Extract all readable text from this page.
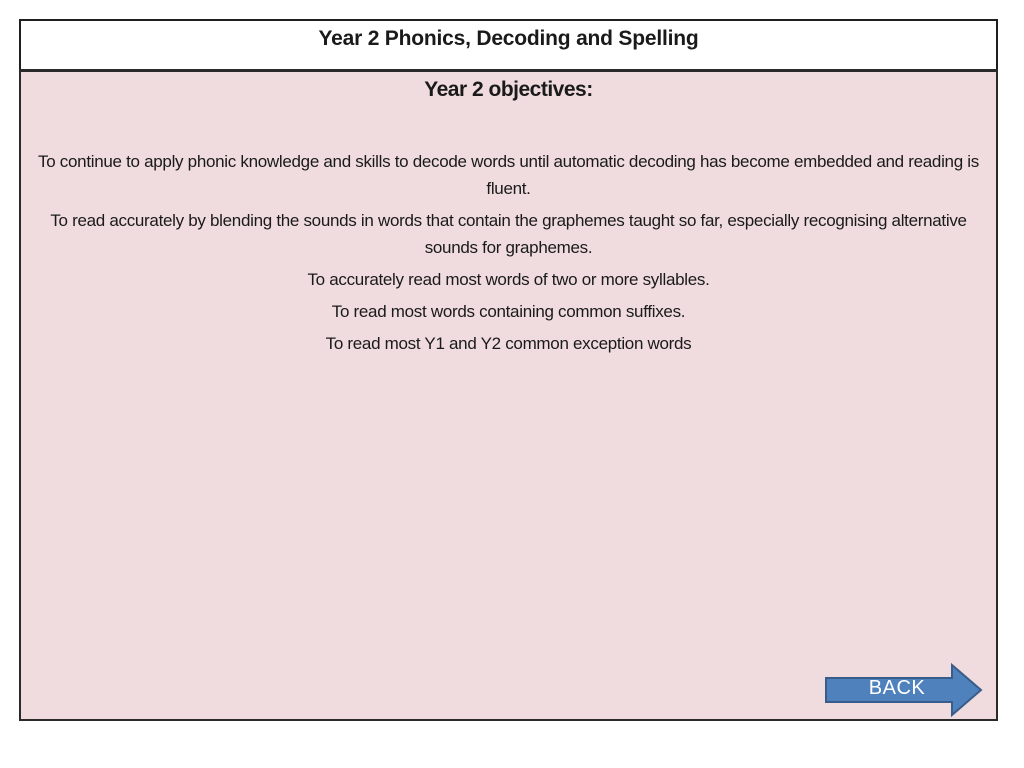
Year 2 Phonics, Decoding and Spelling
Year 2 objectives:
To continue to apply phonic knowledge and skills to decode words until automatic decoding has become embedded and reading is fluent.
To read accurately by blending the sounds in words that contain the graphemes taught so far, especially recognising alternative sounds for graphemes.
To accurately read most words of two or more syllables.
To read most words containing common suffixes.
To read most Y1 and Y2 common exception words
BACK
